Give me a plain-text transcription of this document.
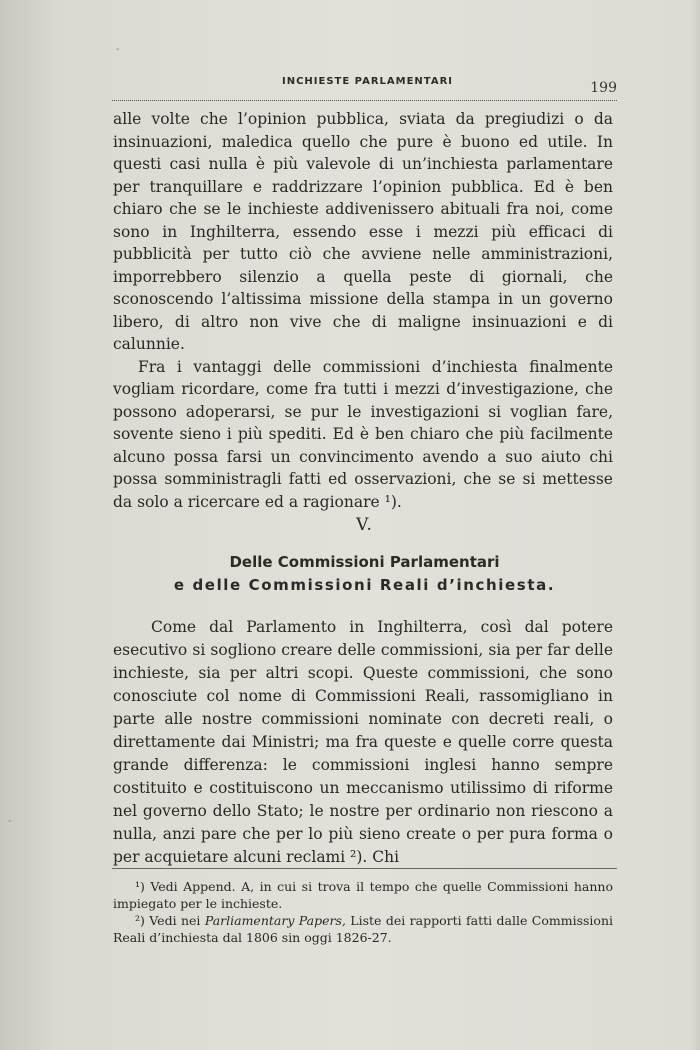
-
-
INCHIESTE PARLAMENTARI	199

alle volte che l’opinion pubblica, sviata da pregiudizi o da insinuazioni, maledica quello che pure è buono ed utile. In questi casi nulla è più valevole di un’inchiesta parlamentare per tranquillare e raddrizzare l’opinion pubblica. Ed è ben chiaro che se le inchieste addivenissero abituali fra noi, come sono in Inghilterra, essendo esse i mezzi più efficaci di pubblicità per tutto ciò che avviene nelle amministrazioni, imporrebbero silenzio a quella peste di giornali, che sconoscendo l’altissima missione della stampa in un governo libero, di altro non vive che di maligne insinuazioni e di calunnie.

Fra i vantaggi delle commissioni d’inchiesta finalmente vogliam ricordare, come fra tutti i mezzi d’investigazione, che possono adoperarsi, se pur le investigazioni si voglian fare, sovente sieno i più spediti. Ed è ben chiaro che più facilmente alcuno possa farsi un convincimento avendo a suo aiuto chi possa somministragli fatti ed osservazioni, che se si mettesse da solo a ricercare ed a ragionare ¹).

V.
Delle Commissioni Parlamentari
e delle Commissioni Reali d’inchiesta.

Come dal Parlamento in Inghilterra, così dal potere esecutivo si sogliono creare delle commissioni, sia per far delle inchieste, sia per altri scopi. Queste commissioni, che sono conosciute col nome di Commissioni Reali, rassomigliano in parte alle nostre commissioni nominate con decreti reali, o direttamente dai Ministri; ma fra queste e quelle corre questa grande differenza: le commissioni inglesi hanno sempre costituito e costituiscono un meccanismo utilissimo di riforme nel governo dello Stato; le nostre per ordinario non riescono a nulla, anzi pare che per lo più sieno create o per pura forma o per acquietare alcuni reclami ²). Chi

¹) Vedi Append. A, in cui si trova il tempo che quelle Commissioni hanno impiegato per le inchieste.

²) Vedi nei Parliamentary Papers, Liste dei rapporti fatti dalle Commissioni Reali d’inchiesta dal 1806 sin oggi 1826-27.
